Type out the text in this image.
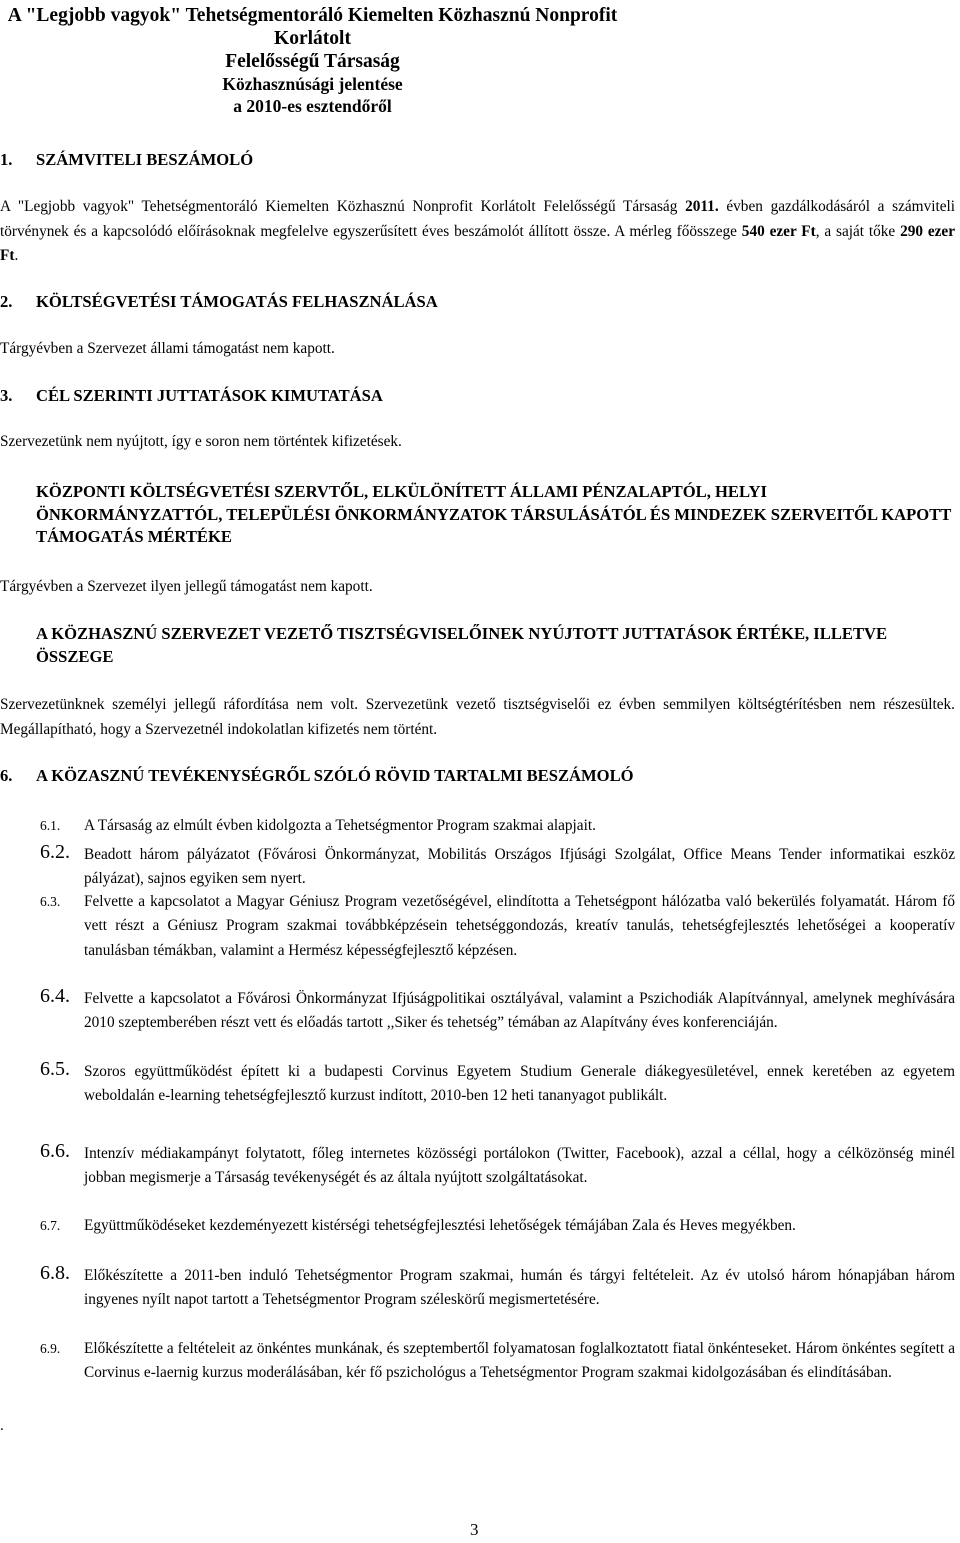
A "Legjobb vagyok" Tehetségmentoráló Kiemelten Közhasznú Nonprofit Korlátolt
Felelősségű Társaság
Közhasznúsági jelentése
a 2010-es esztendőről
1. SZÁMVITELI BESZÁMOLÓ
A "Legjobb vagyok" Tehetségmentoráló Kiemelten Közhasznú Nonprofit Korlátolt Felelősségű Társaság 2011. évben gazdálkodásáról a számviteli törvénynek és a kapcsolódó előírásoknak megfelelve egyszerűsített éves beszámolót állított össze. A mérleg főösszege 540 ezer Ft, a saját tőke 290 ezer Ft.
2. KÖLTSÉGVETÉSI TÁMOGATÁS FELHASZNÁLÁSA
Tárgyévben a Szervezet állami támogatást nem kapott.
3. CÉL SZERINTI JUTTATÁSOK KIMUTATÁSA
Szervezetünk nem nyújtott, így e soron nem történtek kifizetések.
KÖZPONTI KÖLTSÉGVETÉSI SZERVTŐL, ELKÜLÖNÍTETT ÁLLAMI PÉNZALAPTÓL, HELYI ÖNKORMÁNYZATTÓL, TELEPÜLÉSI ÖNKORMÁNYZATOK TÁRSULÁSÁTÓL ÉS MINDEZEK SZERVEITŐL KAPOTT TÁMOGATÁS MÉRTÉKE
Tárgyévben a Szervezet ilyen jellegű támogatást nem kapott.
A KÖZHASZNÚ SZERVEZET VEZETŐ TISZTSÉGVISELŐINEK NYÚJTOTT JUTTATÁSOK ÉRTÉKE, ILLETVE ÖSSZEGE
Szervezetünknek személyi jellegű ráfordítása nem volt. Szervezetünk vezető tisztségviselői ez évben semmilyen költségtérítésben nem részesültek. Megállapítható, hogy a Szervezetnél indokolatlan kifizetés nem történt.
6. A KÖZASZNÚ TEVÉKENYSÉGRŐL SZÓLÓ RÖVID TARTALMI BESZÁMOLÓ
6.1.	A Társaság az elmúlt évben kidolgozta a Tehetségmentor Program szakmai alapjait.
6.2. Beadott három pályázatot (Fővárosi Önkormányzat, Mobilitás Országos Ifjúsági Szolgálat, Office Means Tender informatikai eszköz pályázat), sajnos egyiken sem nyert.
6.3.	Felvette a kapcsolatot a Magyar Géniusz Program vezetőségével, elindította a Tehetségpont hálózatba való bekerülés folyamatát. Három fő vett részt a Géniusz Program szakmai továbbképzésein tehetséggondozás, kreatív tanulás, tehetségfejlesztés lehetőségei a kooperatív tanulásban témákban, valamint a Hermész képességfejlesztő képzésen.
6.4. Felvette a kapcsolatot a Fővárosi Önkormányzat Ifjúságpolitikai osztályával, valamint a Pszichodiák Alapítvánnyal, amelynek meghívására 2010 szeptemberében részt vett és előadás tartott ,,Siker és tehetség” témában az Alapítvány éves konferenciáján.
6.5. Szoros együttműködést épített ki a budapesti Corvinus Egyetem Studium Generale diákegyesületével, ennek keretében az egyetem weboldalán e-learning tehetségfejlesztő kurzust indított, 2010-ben 12 heti tananyagot publikált.
6.6. Intenzív médiakampányt folytatott, főleg internetes közösségi portálokon (Twitter, Facebook), azzal a céllal, hogy a célközönség minél jobban megismerje a Társaság tevékenységét és az általa nyújtott szolgáltatásokat.
6.7.	Együttműködéseket kezdeményezett kistérségi tehetségfejlesztési lehetőségek témájában Zala és Heves megyékben.
6.8. Előkészítette a 2011-ben induló Tehetségmentor Program szakmai, humán és tárgyi feltételeit. Az év utolsó három hónapjában három ingyenes nyílt napot tartott a Tehetségmentor Program széleskörű megismertetésére.
6.9.	Előkészítette a feltételeit az önkéntes munkának, és szeptembertől folyamatosan foglalkoztatott fiatal önkénteseket. Három önkéntes segített a Corvinus e-laernig kurzus moderálásában, kér fő pszichológus a Tehetségmentor Program szakmai kidolgozásában és elindításában.
.
3
